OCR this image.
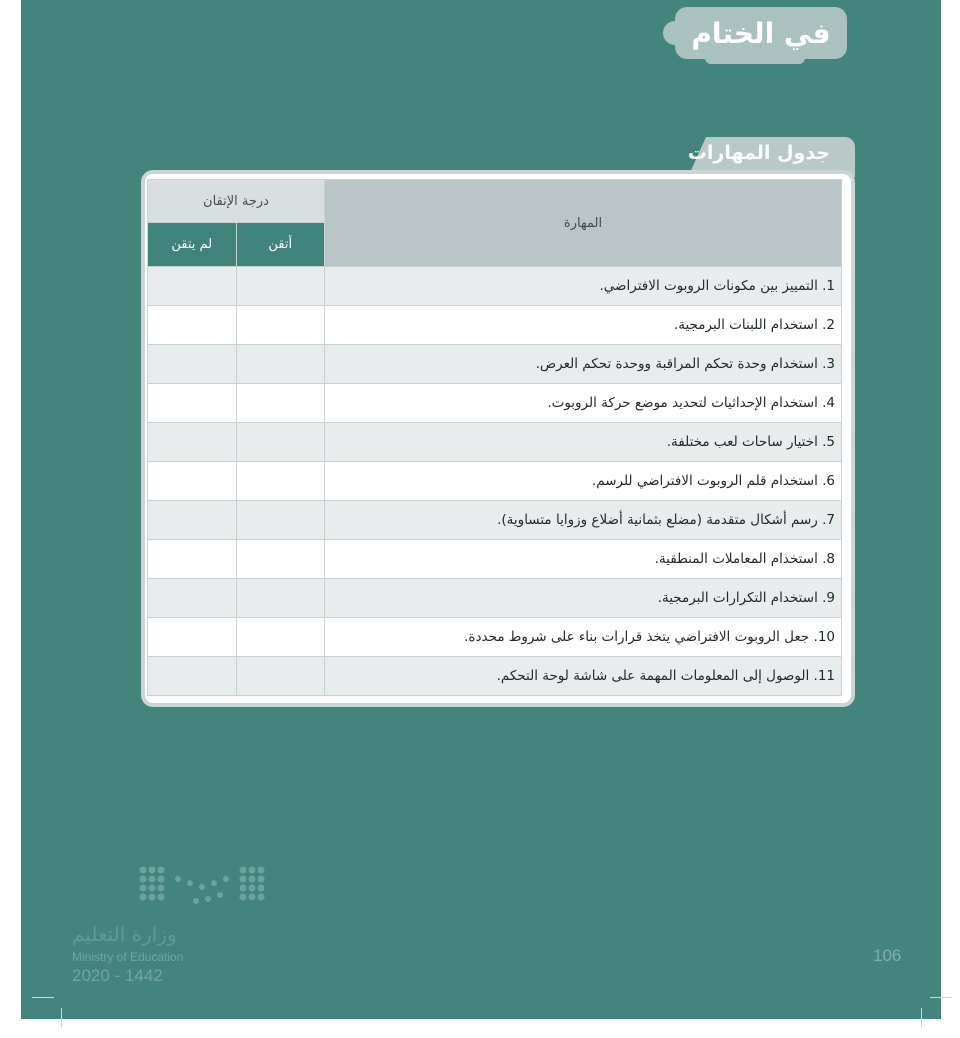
في الختام
جدول المهارات
المهارة	درجة الإتقان	
	أتقن	لم يتقن
1. التمييز بين مكونات الروبوت الافتراضي.		
2. استخدام اللبنات البرمجية.		
3. استخدام وحدة تحكم المراقبة ووحدة تحكم العرض.		
4. استخدام الإحداثيات لتحديد موضع حركة الروبوت.		
5. اختيار ساحات لعب مختلفة.		
6. استخدام قلم الروبوت الافتراضي للرسم.		
7. رسم أشكال متقدمة (مضلع بثمانية أضلاع وزوايا متساوية).		
8. استخدام المعاملات المنطقية.		
9. استخدام التكرارات البرمجية.		
10. جعل الروبوت الافتراضي يتخذ قرارات بناء على شروط محددة.		
11. الوصول إلى المعلومات المهمة على شاشة لوحة التحكم.		
وزارة التعليم
Ministry of Education
2020 - 1442
106
